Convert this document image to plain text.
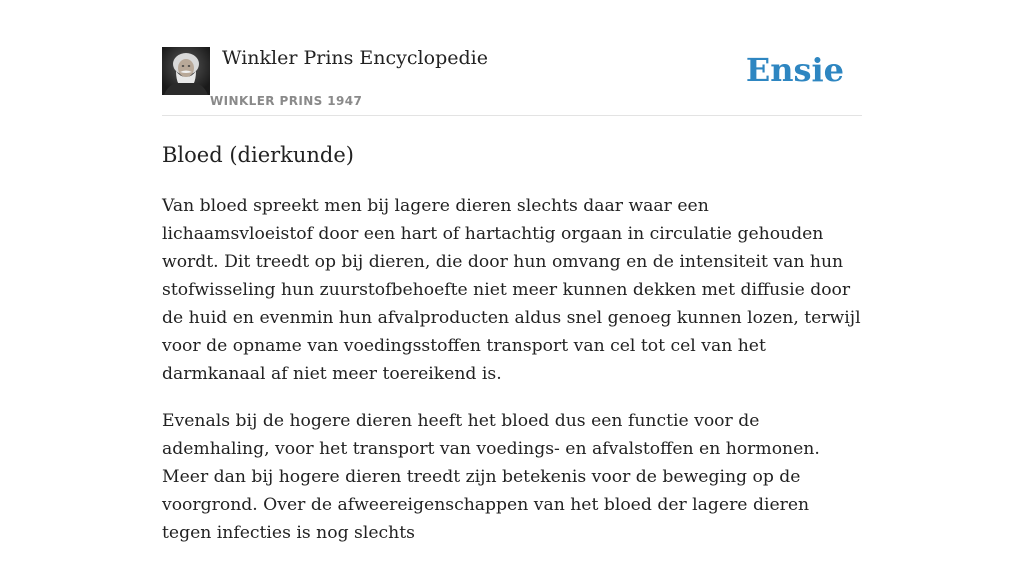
Winkler Prins Encyclopedie
WINKLER PRINS 1947
Ensie
Bloed (dierkunde)

Van bloed spreekt men bij lagere dieren slechts daar waar een lichaamsvloeistof door een hart of hartachtig orgaan in circulatie gehouden wordt. Dit treedt op bij dieren, die door hun omvang en de intensiteit van hun stofwisseling hun zuurstofbehoefte niet meer kunnen dekken met diffusie door de huid en evenmin hun afvalproducten aldus snel genoeg kunnen lozen, terwijl voor de opname van voedingsstoffen transport van cel tot cel van het darmkanaal af niet meer toereikend is.

Evenals bij de hogere dieren heeft het bloed dus een functie voor de ademhaling, voor het transport van voedings- en afvalstoffen en hormonen. Meer dan bij hogere dieren treedt zijn betekenis voor de beweging op de voorgrond. Over de afweereigenschappen van het bloed der lagere dieren tegen infecties is nog slechts
